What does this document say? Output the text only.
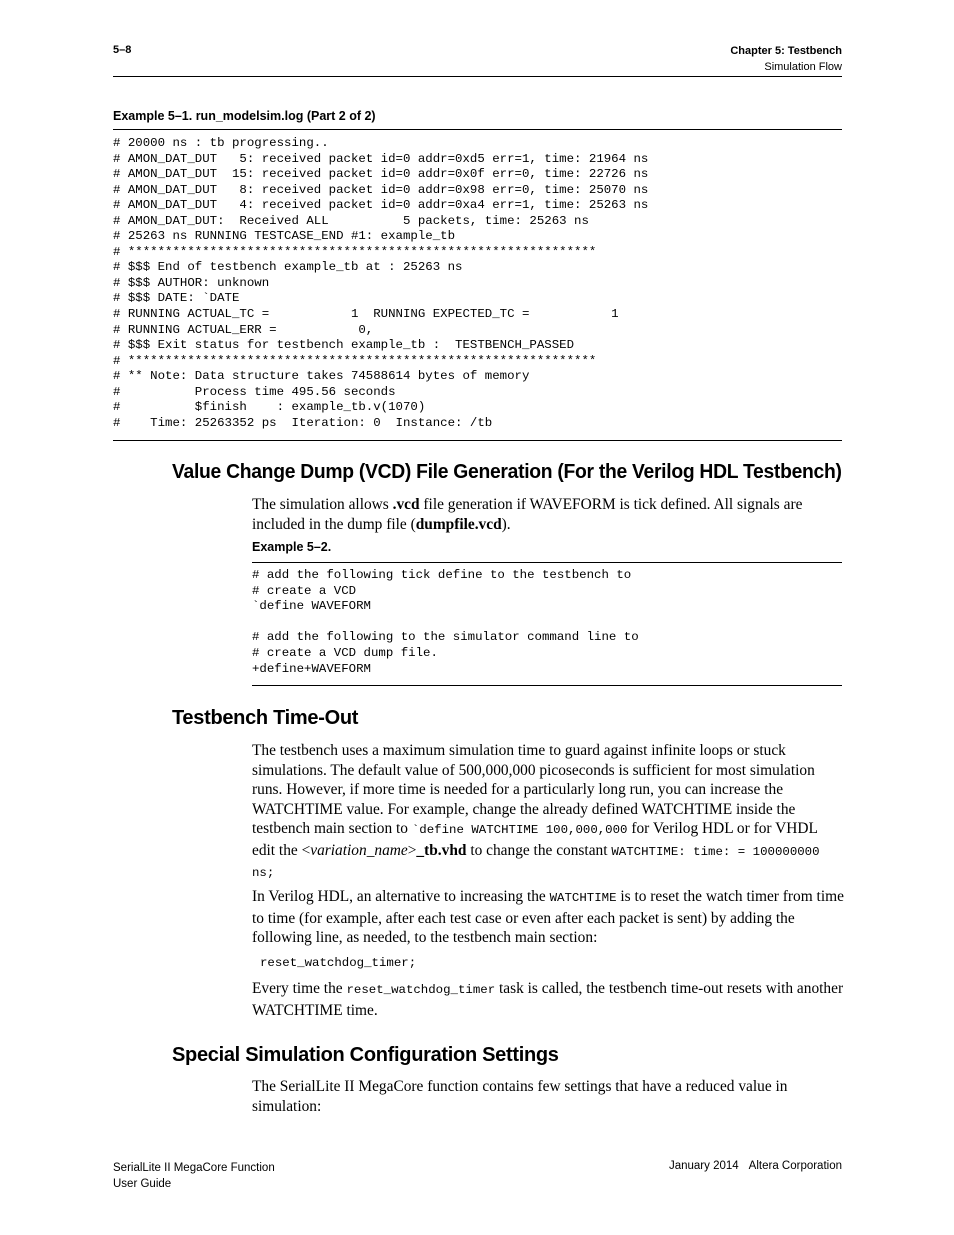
5–8	Chapter 5: Testbench
Simulation Flow
Example 5–1. run_modelsim.log (Part 2 of 2)
# 20000 ns : tb progressing..
# AMON_DAT_DUT   5: received packet id=0 addr=0xd5 err=1, time: 21964 ns
# AMON_DAT_DUT  15: received packet id=0 addr=0x0f err=0, time: 22726 ns
# AMON_DAT_DUT   8: received packet id=0 addr=0x98 err=0, time: 25070 ns
# AMON_DAT_DUT   4: received packet id=0 addr=0xa4 err=1, time: 25263 ns
# AMON_DAT_DUT:  Received ALL          5 packets, time: 25263 ns
# 25263 ns RUNNING TESTCASE_END #1: example_tb
# ***************************************************************
# $$$ End of testbench example_tb at : 25263 ns
# $$$ AUTHOR: unknown
# $$$ DATE: `DATE
# RUNNING ACTUAL_TC =           1  RUNNING EXPECTED_TC =           1
# RUNNING ACTUAL_ERR =           0,
# $$$ Exit status for testbench example_tb :  TESTBENCH_PASSED
# ***************************************************************
# ** Note: Data structure takes 74588614 bytes of memory
#          Process time 495.56 seconds
#          $finish    : example_tb.v(1070)
#    Time: 25263352 ps  Iteration: 0  Instance: /tb
Value Change Dump (VCD) File Generation (For the Verilog HDL Testbench)

The simulation allows .vcd file generation if WAVEFORM is tick defined. All signals are included in the dump file (dumpfile.vcd).

Example 5–2.
# add the following tick define to the testbench to
# create a VCD
`define WAVEFORM

# add the following to the simulator command line to
# create a VCD dump file.
+define+WAVEFORM
Testbench Time-Out

The testbench uses a maximum simulation time to guard against infinite loops or stuck simulations. The default value of 500,000,000 picoseconds is sufficient for most simulation runs. However, if more time is needed for a particularly long run, you can increase the WATCHTIME value. For example, change the already defined WATCHTIME inside the testbench main section to `define WATCHTIME 100,000,000 for Verilog HDL or for VHDL edit the <variation_name>_tb.vhd to change the constant WATCHTIME: time: = 100000000 ns;

In Verilog HDL, an alternative to increasing the WATCHTIME is to reset the watch timer from time to time (for example, after each test case or even after each packet is sent) by adding the following line, as needed, to the testbench main section:

reset_watchdog_timer;

Every time the reset_watchdog_timer task is called, the testbench time-out resets with another WATCHTIME time.

Special Simulation Configuration Settings

The SerialLite II MegaCore function contains few settings that have a reduced value in simulation:

SerialLite II MegaCore Function
User Guide
January 2014 Altera Corporation
